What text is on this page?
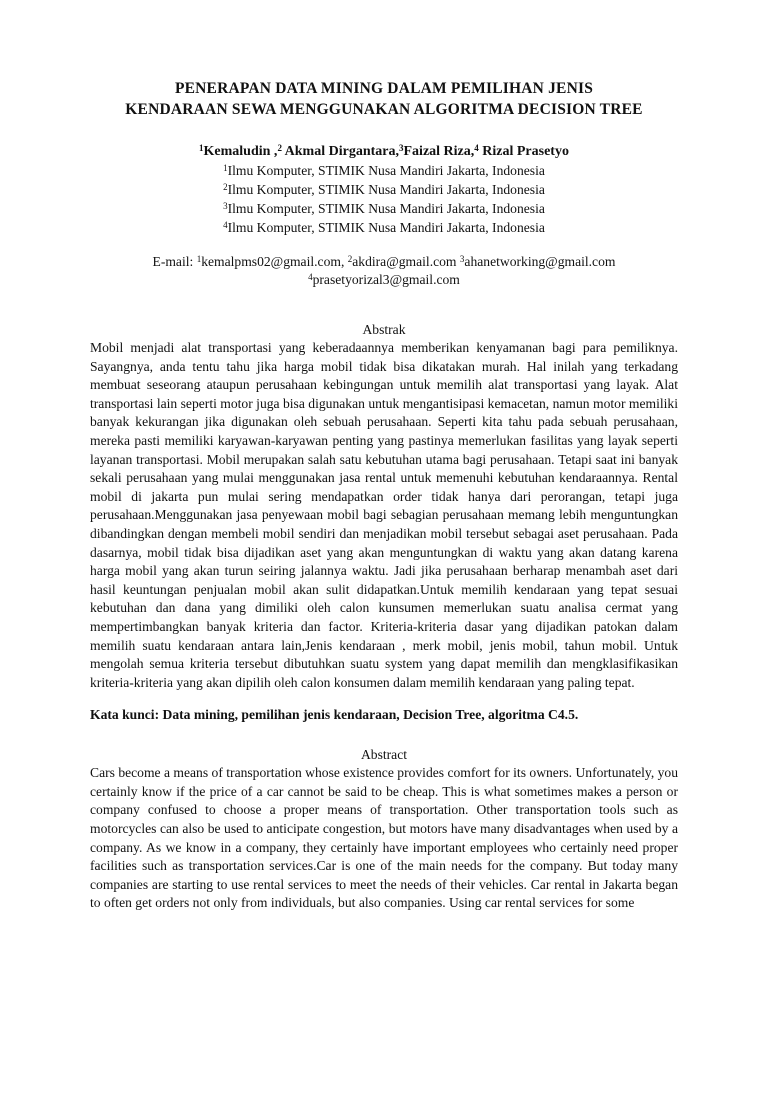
PENERAPAN DATA MINING DALAM PEMILIHAN JENIS
KENDARAAN SEWA MENGGUNAKAN ALGORITMA DECISION TREE
$^1$Kemaludin ,$^2$ Akmal Dirgantara,$^3$Faizal Riza,$^4$ Rizal Prasetyo
$^1$Ilmu Komputer, STIMIK Nusa Mandiri Jakarta, Indonesia
$^2$Ilmu Komputer, STIMIK Nusa Mandiri Jakarta, Indonesia
$^3$Ilmu Komputer, STIMIK Nusa Mandiri Jakarta, Indonesia
$^4$Ilmu Komputer, STIMIK Nusa Mandiri Jakarta, Indonesia
E-mail: $^1$kemalpms02@gmail.com, $^2$akdira@gmail.com $^3$ahanetworking@gmail.com
$^4$prasetyorizal3@gmail.com
Abstrak

Mobil menjadi alat transportasi yang keberadaannya memberikan kenyamanan bagi para pemiliknya. Sayangnya, anda tentu tahu jika harga mobil tidak bisa dikatakan murah. Hal inilah yang terkadang membuat seseorang ataupun perusahaan kebingungan untuk memilih alat transportasi yang layak. Alat transportasi lain seperti motor juga bisa digunakan untuk mengantisipasi kemacetan, namun motor memiliki banyak kekurangan jika digunakan oleh sebuah perusahaan. Seperti kita tahu pada sebuah perusahaan, mereka pasti memiliki karyawan-karyawan penting yang pastinya memerlukan fasilitas yang layak seperti layanan transportasi. Mobil merupakan salah satu kebutuhan utama bagi perusahaan. Tetapi saat ini banyak sekali perusahaan yang mulai menggunakan jasa rental untuk memenuhi kebutuhan kendaraannya. Rental mobil di jakarta pun mulai sering mendapatkan order tidak hanya dari perorangan, tetapi juga perusahaan.Menggunakan jasa penyewaan mobil bagi sebagian perusahaan memang lebih menguntungkan dibandingkan dengan membeli mobil sendiri dan menjadikan mobil tersebut sebagai aset perusahaan. Pada dasarnya, mobil tidak bisa dijadikan aset yang akan menguntungkan di waktu yang akan datang karena harga mobil yang akan turun seiring jalannya waktu. Jadi jika perusahaan berharap menambah aset dari hasil keuntungan penjualan mobil akan sulit didapatkan.Untuk memilih kendaraan yang tepat sesuai kebutuhan dan dana yang dimiliki oleh calon kunsumen memerlukan suatu analisa cermat yang mempertimbangkan banyak kriteria dan factor. Kriteria-kriteria dasar yang dijadikan patokan dalam memilih suatu kendaraan antara lain,Jenis kendaraan , merk mobil, jenis mobil, tahun mobil. Untuk mengolah semua kriteria tersebut dibutuhkan suatu system yang dapat memilih dan mengklasifikasikan kriteria-kriteria yang akan dipilih oleh calon konsumen dalam memilih kendaraan yang paling tepat.

Kata kunci: Data mining, pemilihan jenis kendaraan, Decision Tree, algoritma C4.5.
Abstract

Cars become a means of transportation whose existence provides comfort for its owners. Unfortunately, you certainly know if the price of a car cannot be said to be cheap. This is what sometimes makes a person or company confused to choose a proper means of transportation. Other transportation tools such as motorcycles can also be used to anticipate congestion, but motors have many disadvantages when used by a company. As we know in a company, they certainly have important employees who certainly need proper facilities such as transportation services.Car is one of the main needs for the company. But today many companies are starting to use rental services to meet the needs of their vehicles. Car rental in Jakarta began to often get orders not only from individuals, but also companies. Using car rental services for some
